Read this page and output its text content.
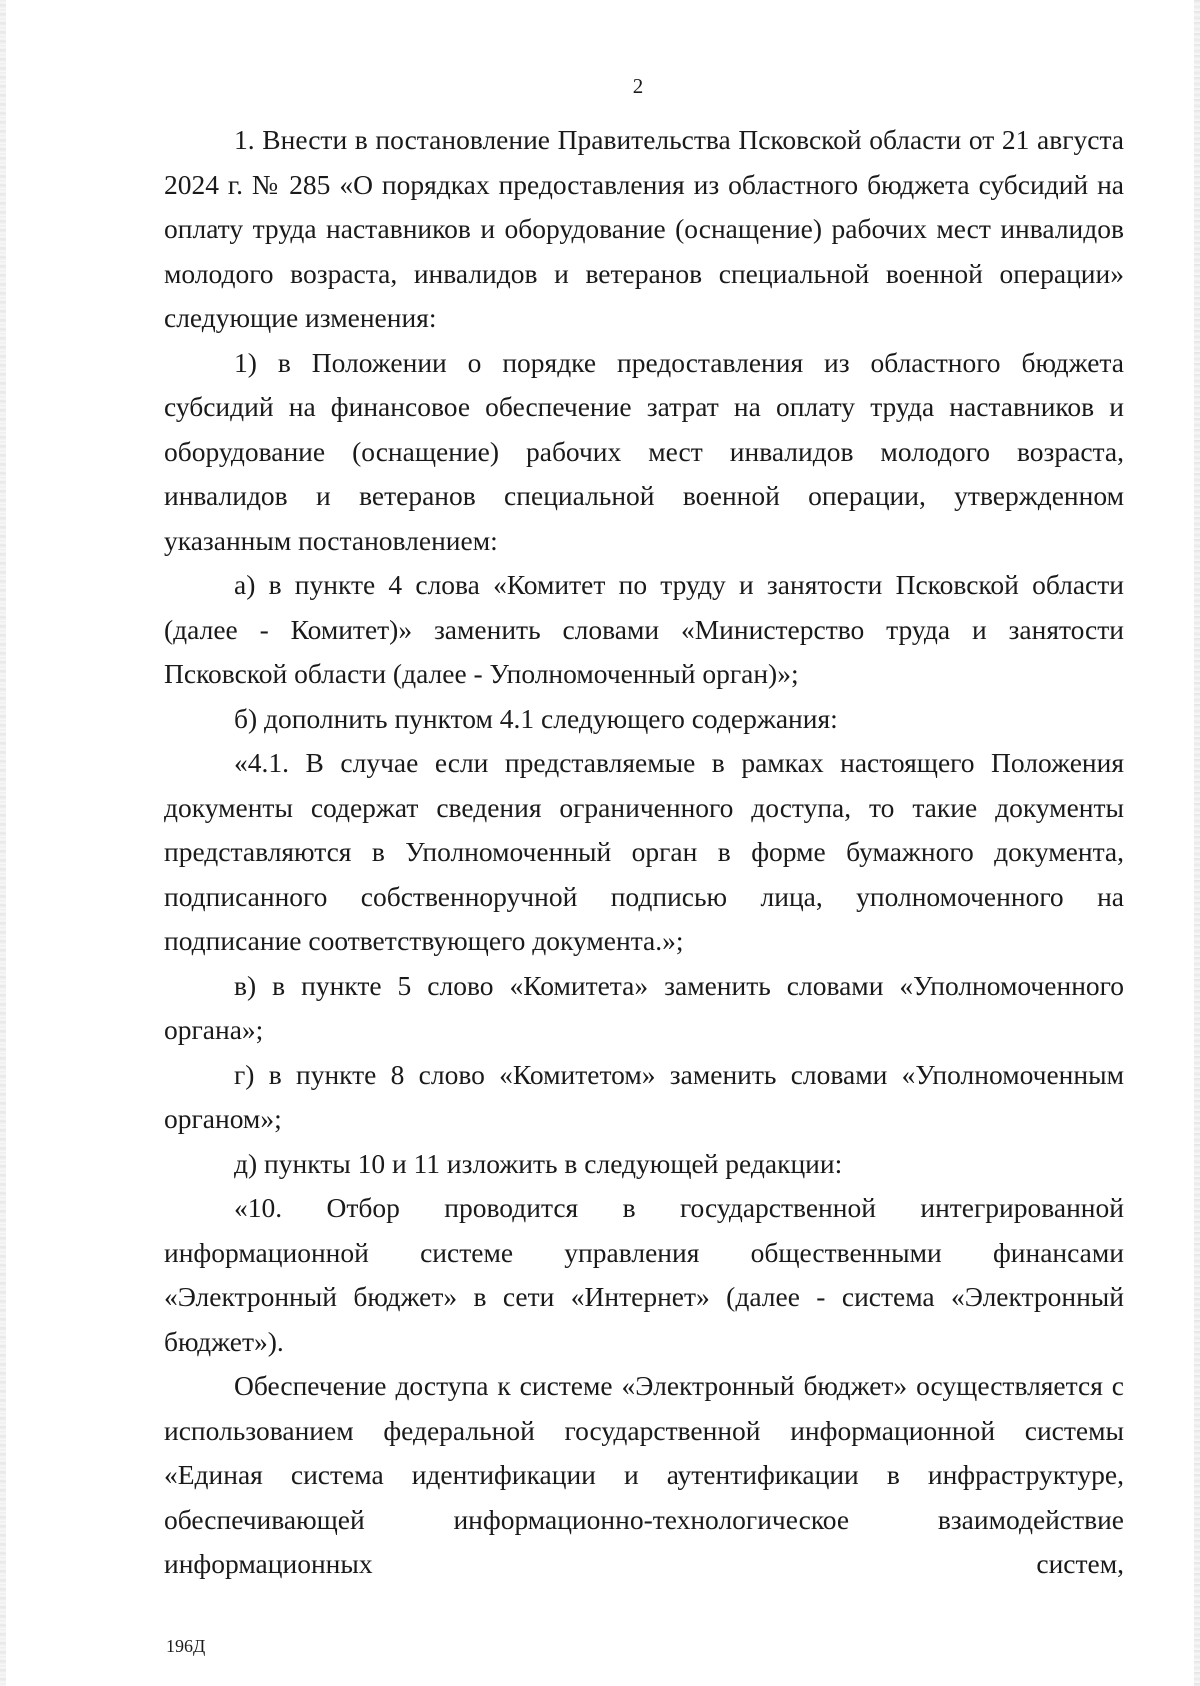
2

1. Внести в постановление Правительства Псковской области от 21 августа 2024 г. № 285 «О порядках предоставления из областного бюджета субсидий на оплату труда наставников и оборудование (оснащение) рабочих мест инвалидов молодого возраста, инвалидов и ветеранов специальной военной операции» следующие изменения:

1) в Положении о порядке предоставления из областного бюджета субсидий на финансовое обеспечение затрат на оплату труда наставников и оборудование (оснащение) рабочих мест инвалидов молодого возраста, инвалидов и ветеранов специальной военной операции, утвержденном указанным постановлением:

а) в пункте 4 слова «Комитет по труду и занятости Псковской области (далее - Комитет)» заменить словами «Министерство труда и занятости Псковской области (далее - Уполномоченный орган)»;

б) дополнить пунктом 4.1 следующего содержания:

«4.1. В случае если представляемые в рамках настоящего Положения документы содержат сведения ограниченного доступа, то такие документы представляются в Уполномоченный орган в форме бумажного документа, подписанного собственноручной подписью лица, уполномоченного на подписание соответствующего документа.»;

в) в пункте 5 слово «Комитета» заменить словами «Уполномоченного органа»;

г) в пункте 8 слово «Комитетом» заменить словами «Уполномоченным органом»;

д) пункты 10 и 11 изложить в следующей редакции:

«10. Отбор проводится в государственной интегрированной информационной системе управления общественными финансами «Электронный бюджет» в сети «Интернет» (далее - система «Электронный бюджет»).

Обеспечение доступа к системе «Электронный бюджет» осуществляется с использованием федеральной государственной информационной системы «Единая система идентификации и аутентификации в инфраструктуре, обеспечивающей информационно-технологическое взаимодействие информационных систем,

196Д
